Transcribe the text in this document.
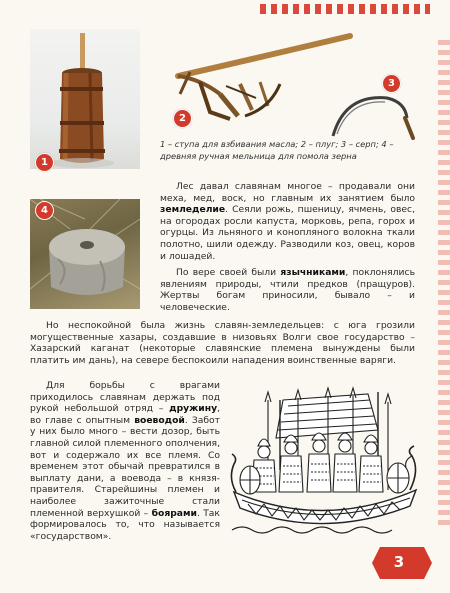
1
2
3
1 – ступа для взбивания масла; 2 – плуг; 3 – серп; 4 – древняя ручная мельница для помола зерна
4

Лес давал славянам многое – продавали они меха, мед, воск, но главным их занятием было земледелие. Сеяли рожь, пшеницу, ячмень, овес, на огородах росли капуста, морковь, репа, горох и огурцы. Из льняного и конопляного волокна ткали полотно, шили одежду. Разводили коз, овец, коров и лошадей.

По вере своей были язычниками, поклонялись явлениям природы, чтили предков (пращуров). Жертвы богам приносили, бывало – и человеческие.

Но неспокойной была жизнь славян-земледельцев: с юга грозили могущественные хазары, создавшие в низовьях Волги свое государство – Хазарский каганат (некоторые славянские племена вынуждены были платить им дань), на севере беспокоили нападения воинственные варяги.

Для борьбы с врагами приходилось славянам держать под рукой небольшой отряд – дружину, во главе с опытным воеводой. Забот у них было много – вести дозор, быть главной силой племенного ополчения, вот и содержало их все племя. Со временем этот обычай превратился в выплату дани, а воевода – в князя-правителя. Старейшины племен и наиболее зажиточные стали племенной верхушкой – боярами. Так формировалось то, что называется «государством».

3
